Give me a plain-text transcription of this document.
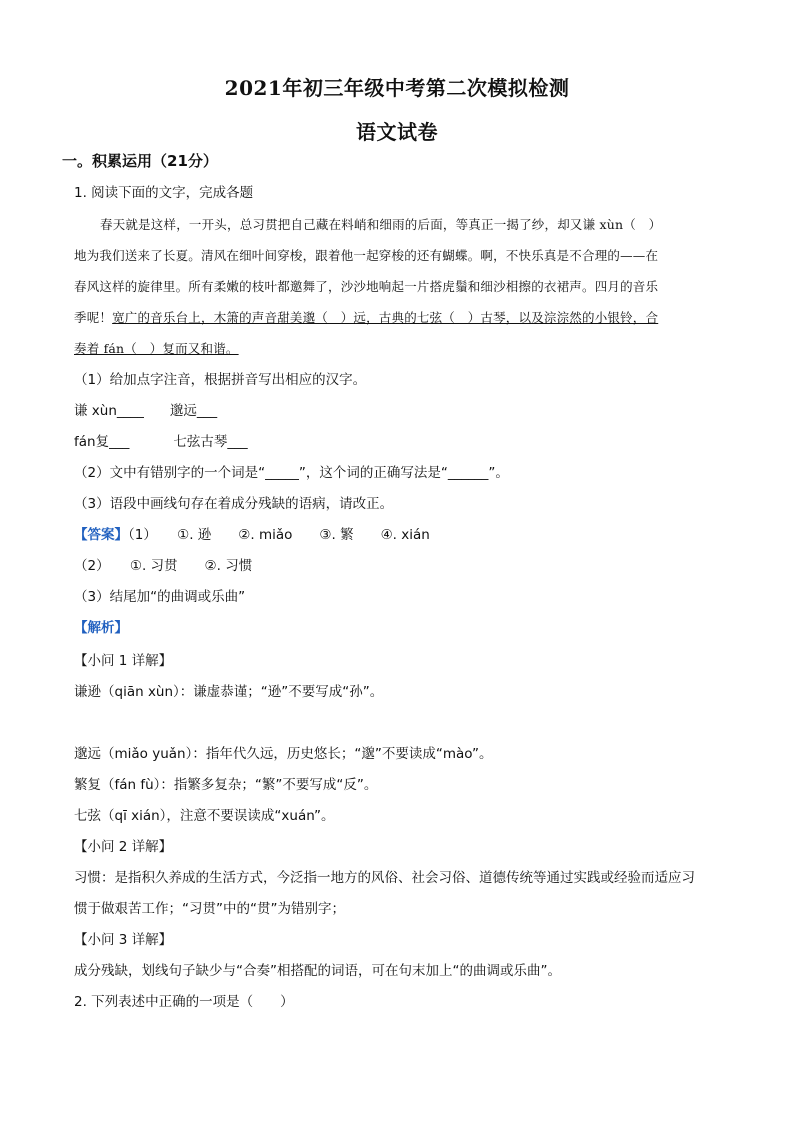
2021年初三年级中考第二次模拟检测
语文试卷
一。积累运用（21分）
1. 阅读下面的文字，完成各题
春天就是这样，一开头，总习贯把自己藏在料峭和细雨的后面，等真正一揭了纱，却又谦 xùn（　）
地为我们送来了长夏。清风在细叶间穿梭，跟着他一起穿梭的还有蝴蝶。啊，不快乐真是不合理的——在
春风这样的旋律里。所有柔嫩的枝叶都邀舞了，沙沙地响起一片搭虎鬚和细沙相擦的衣裙声。四月的音乐
季呢！宽广的音乐台上，木箫的声音甜美邈（　）远，古典的七弦（　）古琴，以及淙淙然的小银铃，合
奏着 fán（　）复而又和谐。
（1）给加点字注音，根据拼音写出相应的汉字。
谦 xùn____ 邈远___
fán复___	七弦古琴___
（2）文中有错别字的一个词是“_____”，这个词的正确写法是“______”。
（3）语段中画线句存在着成分残缺的语病，请改正。
【答案】（1）　　①. 逊　　②. miǎo　　③. 繁　　④. xián
（2）　　①. 习贯　　②. 习惯
（3）结尾加“的曲调或乐曲”
【解析】
【小问 1 详解】
谦逊（qiān xùn）：谦虚恭谨；“逊”不要写成“孙”。
邈远（miǎo yuǎn）：指年代久远，历史悠长；“邈”不要读成“mào”。
繁复（fán fù）：指繁多复杂；“繁”不要写成“反”。
七弦（qī xián），注意不要误读成“xuán”。
【小问 2 详解】
习惯：是指积久养成的生活方式，今泛指一地方的风俗、社会习俗、道德传统等通过实践或经验而适应习
惯于做艰苦工作；“习贯”中的“贯”为错别字；
【小问 3 详解】
成分残缺，划线句子缺少与“合奏”相搭配的词语，可在句末加上“的曲调或乐曲”。
2. 下列表述中正确的一项是（　　）
